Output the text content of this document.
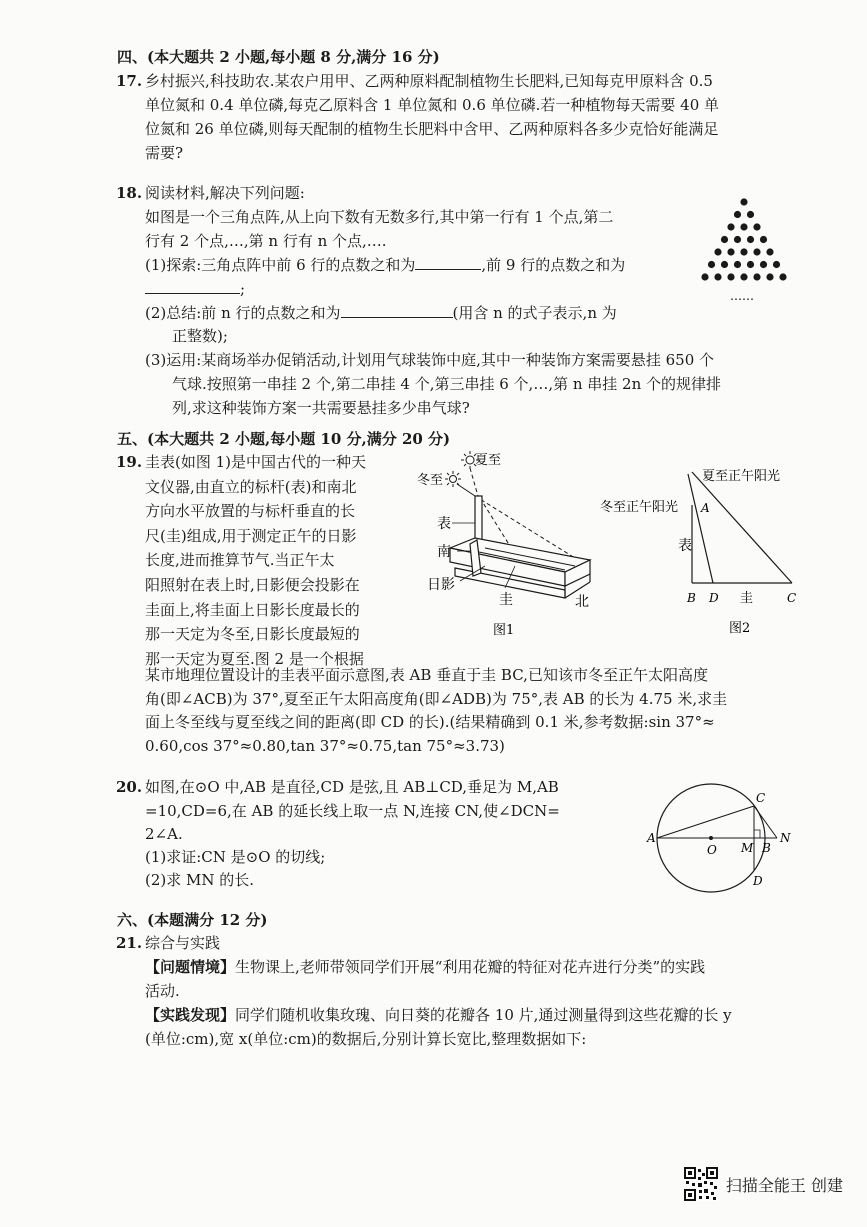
四、(本大题共 2 小题,每小题 8 分,满分 16 分)
17. 乡村振兴,科技助农.某农户用甲、乙两种原料配制植物生长肥料,已知每克甲原料含 0.5
单位氮和 0.4 单位磷,每克乙原料含 1 单位氮和 0.6 单位磷.若一种植物每天需要 40 单
位氮和 26 单位磷,则每天配制的植物生长肥料中含甲、乙两种原料各多少克恰好能满足
需要?
18. 阅读材料,解决下列问题:
如图是一个三角点阵,从上向下数有无数多行,其中第一行有 1 个点,第二
行有 2 个点,…,第 n 行有 n 个点,….
(1)探索:三角点阵中前 6 行的点数之和为	,前 9 行的点数之和为
;
(2)总结:前 n 行的点数之和为	(用含 n 的式子表示,n 为
正整数);
(3)运用:某商场举办促销活动,计划用气球装饰中庭,其中一种装饰方案需要悬挂 650 个
气球.按照第一串挂 2 个,第二串挂 4 个,第三串挂 6 个,…,第 n 串挂 2n 个的规律排
列,求这种装饰方案一共需要悬挂多少串气球?
……
五、(本大题共 2 小题,每小题 10 分,满分 20 分)
19. 圭表(如图 1)是中国古代的一种天
文仪器,由直立的标杆(表)和南北
方向水平放置的与标杆垂直的长
尺(圭)组成,用于测定正午的日影
长度,进而推算节气.当正午太
阳照射在表上时,日影便会投影在
圭面上,将圭面上日影长度最长的
那一天定为冬至,日影长度最短的
那一天定为夏至.图 2 是一个根据
某市地理位置设计的圭表平面示意图,表 AB 垂直于圭 BC,已知该市冬至正午太阳高度
角(即∠ACB)为 37°,夏至正午太阳高度角(即∠ADB)为 75°,表 AB 的长为 4.75 米,求圭
面上冬至线与夏至线之间的距离(即 CD 的长).(结果精确到 0.1 米,参考数据:sin 37°≈
0.60,cos 37°≈0.80,tan 37°≈0.75,tan 75°≈3.73)
夏至
冬至
表
南
日影
圭	北
图1
夏至正午阳光
冬至正午阳光 A
表
B D 圭	C
图2
20. 如图,在⊙O 中,AB 是直径,CD 是弦,且 AB⊥CD,垂足为 M,AB
=10,CD=6,在 AB 的延长线上取一点 N,连接 CN,使∠DCN=
2∠A.
(1)求证:CN 是⊙O 的切线;
(2)求 MN 的长.
A
O M B
N
C
D
六、(本题满分 12 分)
21. 综合与实践
【问题情境】生物课上,老师带领同学们开展“利用花瓣的特征对花卉进行分类”的实践
活动.
【实践发现】同学们随机收集玫瑰、向日葵的花瓣各 10 片,通过测量得到这些花瓣的长 y
(单位:cm),宽 x(单位:cm)的数据后,分别计算长宽比,整理数据如下:
扫描全能王 创建
